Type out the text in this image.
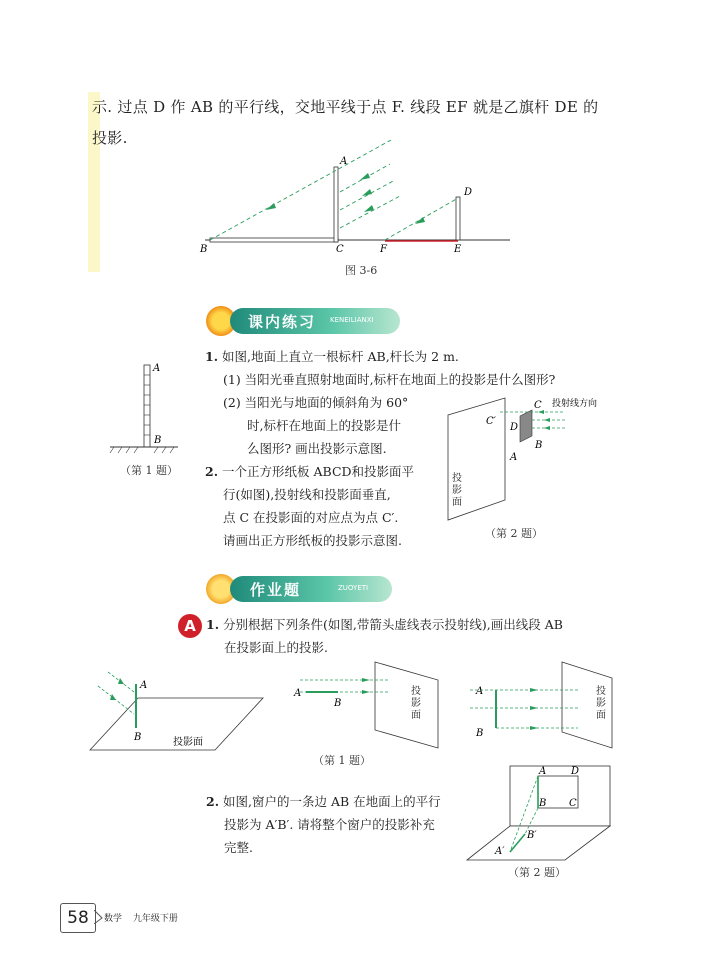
示. 过点 D 作 AB 的平行线，交地平线于点 F. 线段 EF 就是乙旗杆 DE 的
投影.
A
B	C
D
E
F
图 3-6
课内练习 KENEILIANXI
A
B
（第 1 题）
1. 如图,地面上直立一根标杆 AB,杆长为 2 m.
(1) 当阳光垂直照射地面时,标杆在地面上的投影是什么图形?
(2) 当阳光与地面的倾斜角为 60°
时,标杆在地面上的投影是什
么图形? 画出投影示意图.
2. 一个正方形纸板 ABCD和投影面平
行(如图),投射线和投影面垂直,
点 C 在投影面的对应点为点 C′.
请画出正方形纸板的投影示意图.
C′
C
D
B
A
投射线方向
投影面
（第 2 题）
作业题	ZUOYETI
A 1. 分别根据下列条件(如图,带箭头虚线表示投射线),画出线段 AB
在投影面上的投影.
A
B	投影面
A
B
投影面
（第 1 题）
A
B
投影面
2. 如图,窗户的一条边 AB 在地面上的平行
投影为 A′B′. 请将整个窗户的投影补充
完整.
A D
B C
A′
B′
（第 2 题）
58	数学 九年级下册
